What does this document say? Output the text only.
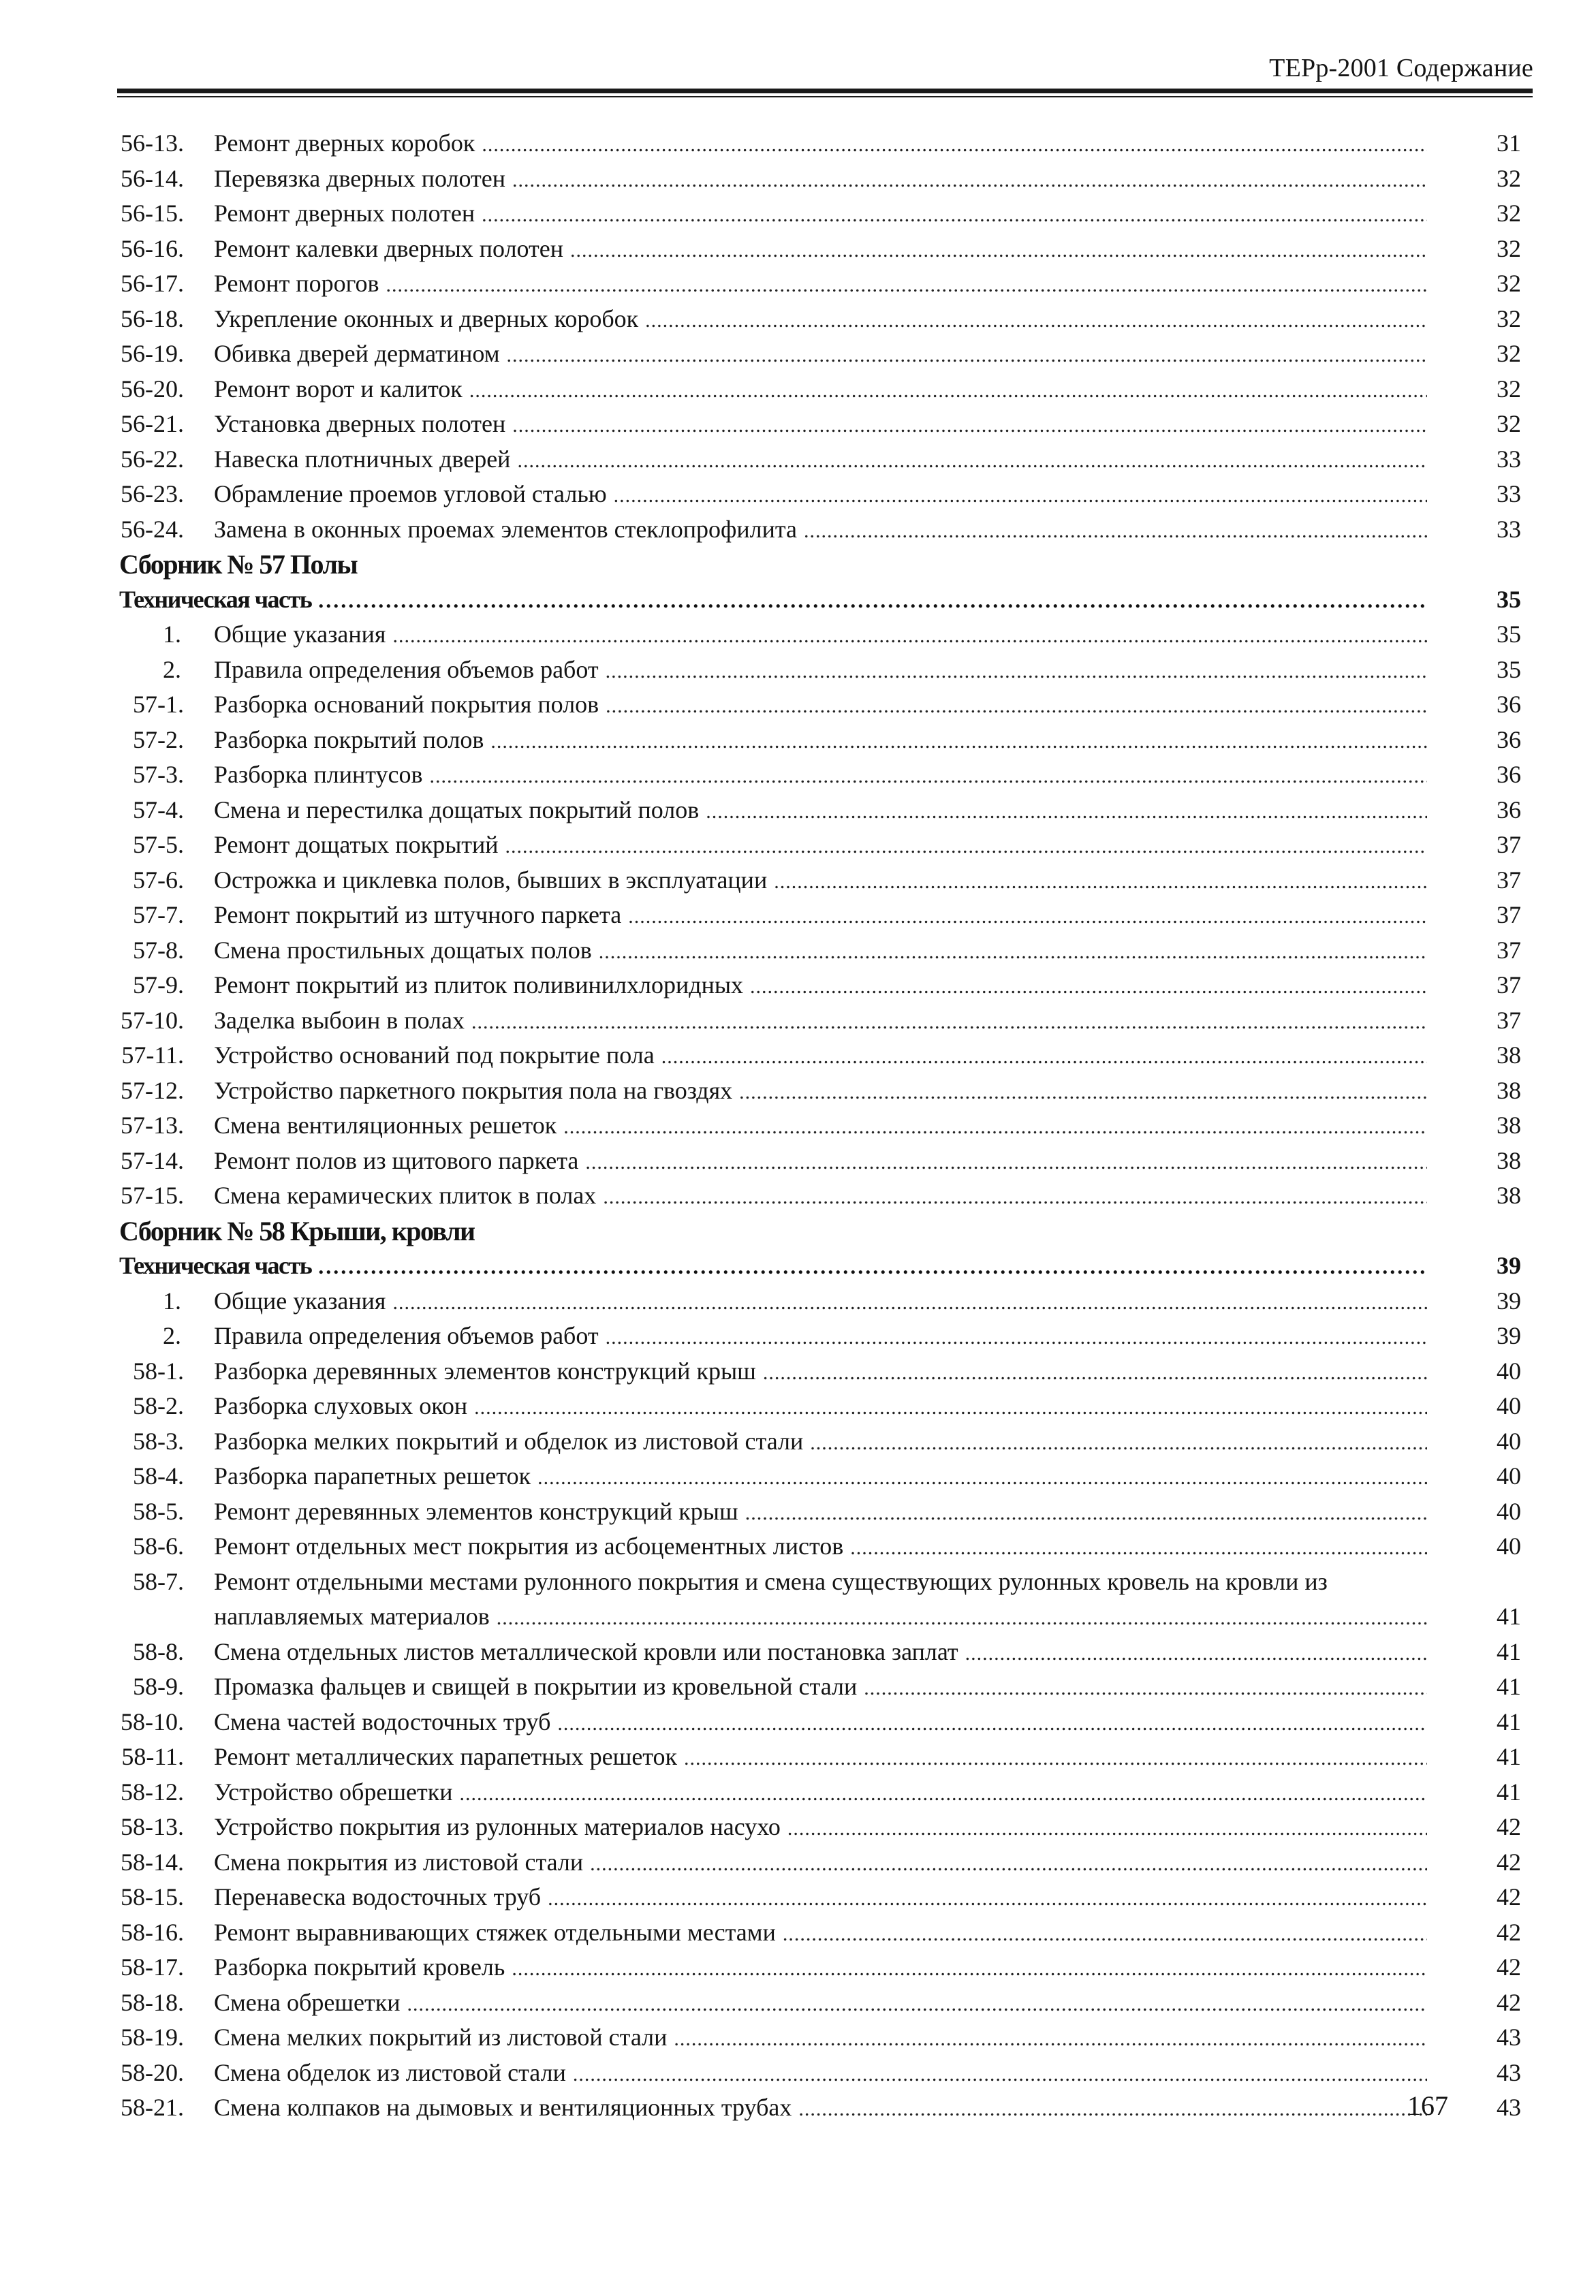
ТЕРр-2001 Содержание
56-13. Ремонт дверных коробок .....	31
56-14. Перевязка дверных полотен .....	32
56-15. Ремонт дверных полотен .....	32
56-16. Ремонт калевки дверных полотен .....	32
56-17. Ремонт порогов .....	32
56-18. Укрепление оконных и дверных коробок .....	32
56-19. Обивка дверей дерматином .....	32
56-20. Ремонт ворот и калиток .....	32
56-21. Установка дверных полотен .....	32
56-22. Навеска плотничных дверей .....	33
56-23. Обрамление проемов угловой сталью .....	33
56-24. Замена в оконных проемах элементов стеклопрофилита .....	33
Сборник № 57 Полы
Техническая часть .....	35
1. Общие указания .....	35
2. Правила определения объемов работ .....	35
57-1. Разборка оснований покрытия полов .....	36
57-2. Разборка покрытий полов .....	36
57-3. Разборка плинтусов .....	36
57-4. Смена и перестилка дощатых покрытий полов .....	36
57-5. Ремонт дощатых покрытий .....	37
57-6. Острожка и циклевка полов, бывших в эксплуатации .....	37
57-7. Ремонт покрытий из штучного паркета .....	37
57-8. Смена простильных дощатых полов .....	37
57-9. Ремонт покрытий из плиток поливинилхлоридных .....	37
57-10. Заделка выбоин в полах .....	37
57-11. Устройство оснований под покрытие пола .....	38
57-12. Устройство паркетного покрытия пола на гвоздях .....	38
57-13. Смена вентиляционных решеток .....	38
57-14. Ремонт полов из щитового паркета .....	38
57-15. Смена керамических плиток в полах .....	38
Сборник № 58 Крыши, кровли
Техническая часть .....	39
1. Общие указания .....	39
2. Правила определения объемов работ .....	39
58-1. Разборка деревянных элементов конструкций крыш .....	40
58-2. Разборка слуховых окон .....	40
58-3. Разборка мелких покрытий и обделок из листовой стали .....	40
58-4. Разборка парапетных решеток .....	40
58-5. Ремонт деревянных элементов конструкций крыш .....	40
58-6. Ремонт отдельных мест покрытия из асбоцементных листов .....	40
58-7. Ремонт отдельными местами рулонного покрытия и смена существующих рулонных кровель на кровли из
наплавляемых материалов .....	41
58-8. Смена отдельных листов металлической кровли или постановка заплат .....	41
58-9. Промазка фальцев и свищей в покрытии из кровельной стали .....	41
58-10. Смена частей водосточных труб .....	41
58-11. Ремонт металлических парапетных решеток .....	41
58-12. Устройство обрешетки .....	41
58-13. Устройство покрытия из рулонных материалов насухо .....	42
58-14. Смена покрытия из листовой стали .....	42
58-15. Перенавеска водосточных труб .....	42
58-16. Ремонт выравнивающих стяжек отдельными местами .....	42
58-17. Разборка покрытий кровель .....	42
58-18. Смена обрешетки .....	42
58-19. Смена мелких покрытий из листовой стали .....	43
58-20. Смена обделок из листовой стали .....	43
58-21. Смена колпаков на дымовых и вентиляционных трубах .....	43
167
